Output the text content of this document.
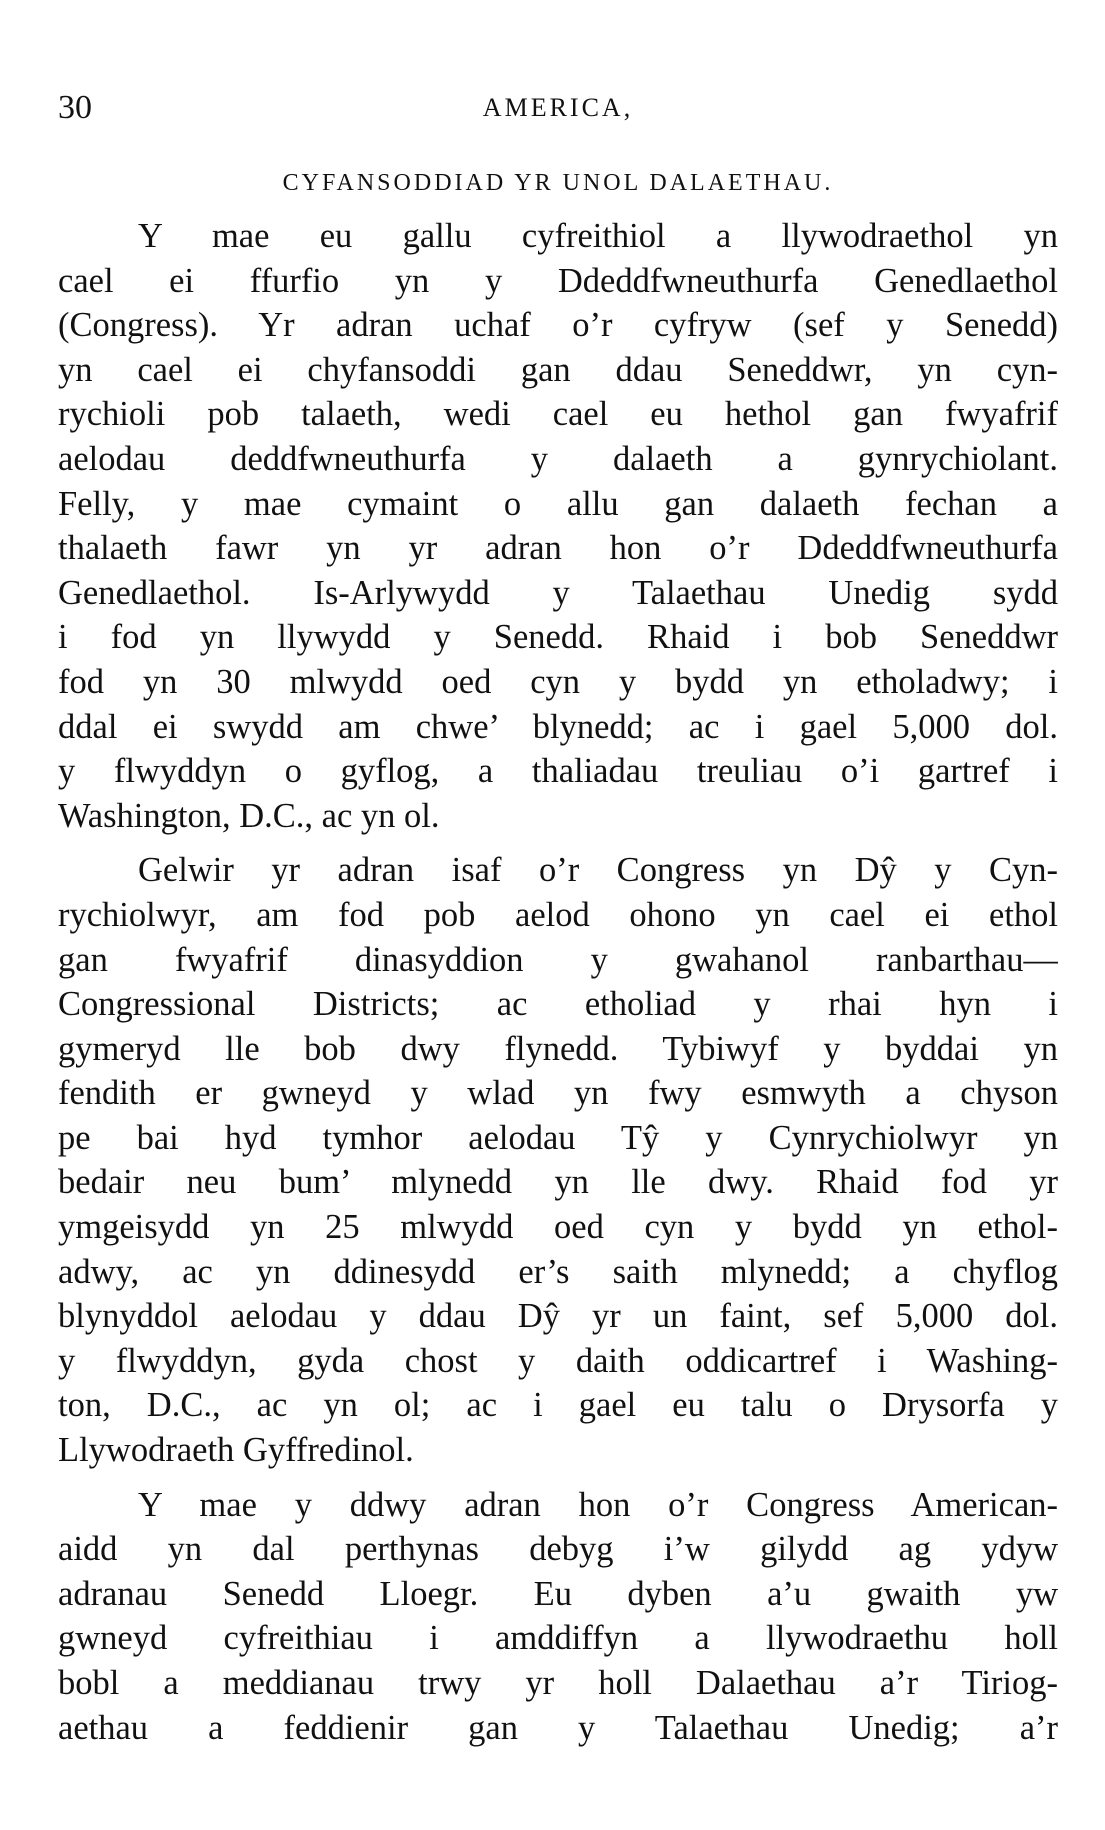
30	AMERICA,
CYFANSODDIAD YR UNOL DALAETHAU.
Y mae eu gallu cyfreithiol a llywodraethol yn
cael ei ffurfio yn y Ddeddfwneuthurfa Genedlaethol
(Congress). Yr adran uchaf o’r cyfryw (sef y Senedd)
yn cael ei chyfansoddi gan ddau Seneddwr, yn cyn-
rychioli pob talaeth, wedi cael eu hethol gan fwyafrif
aelodau deddfwneuthurfa y dalaeth a gynrychiolant.
Felly, y mae cymaint o allu gan dalaeth fechan a
thalaeth fawr yn yr adran hon o’r Ddeddfwneuthurfa
Genedlaethol. Is-Arlywydd y Talaethau Unedig sydd
i fod yn llywydd y Senedd. Rhaid i bob Seneddwr
fod yn 30 mlwydd oed cyn y bydd yn etholadwy; i
ddal ei swydd am chwe’ blynedd; ac i gael 5,000 dol.
y flwyddyn o gyflog, a thaliadau treuliau o’i gartref i
Washington, D.C., ac yn ol.
Gelwir yr adran isaf o’r Congress yn Dŷ y Cyn-
rychiolwyr, am fod pob aelod ohono yn cael ei ethol
gan fwyafrif dinasyddion y gwahanol ranbarthau—
Congressional Districts; ac etholiad y rhai hyn i
gymeryd lle bob dwy flynedd. Tybiwyf y byddai yn
fendith er gwneyd y wlad yn fwy esmwyth a chyson
pe bai hyd tymhor aelodau Tŷ y Cynrychiolwyr yn
bedair neu bum’ mlynedd yn lle dwy. Rhaid fod yr
ymgeisydd yn 25 mlwydd oed cyn y bydd yn ethol-
adwy, ac yn ddinesydd er’s saith mlynedd; a chyflog
blynyddol aelodau y ddau Dŷ yr un faint, sef 5,000 dol.
y flwyddyn, gyda chost y daith oddicartref i Washing-
ton, D.C., ac yn ol; ac i gael eu talu o Drysorfa y
Llywodraeth Gyffredinol.
Y mae y ddwy adran hon o’r Congress American-
aidd yn dal perthynas debyg i’w gilydd ag ydyw
adranau Senedd Lloegr. Eu dyben a’u gwaith yw
gwneyd cyfreithiau i amddiffyn a llywodraethu holl
bobl a meddianau trwy yr holl Dalaethau a’r Tiriog-
aethau a feddienir gan y Talaethau Unedig; a’r
